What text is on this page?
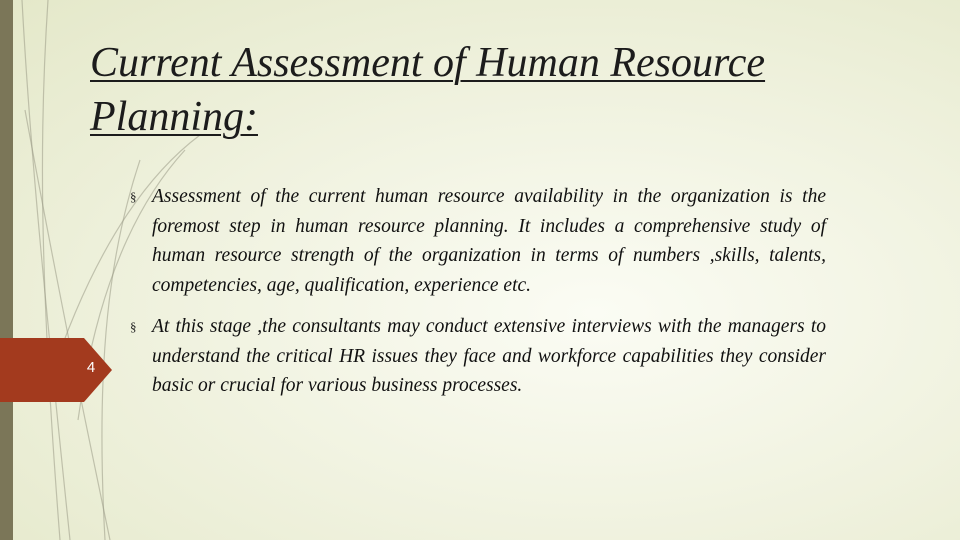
Current Assessment of Human Resource Planning:
4
§ Assessment of the current human resource availability in the organization is the foremost step in human resource planning. It includes a comprehensive study of human resource strength of the organization in terms of numbers ,skills, talents, competencies, age, qualification, experience etc.
§ At this stage ,the consultants may conduct extensive interviews with the managers to understand the critical HR issues they face and workforce capabilities they consider basic or crucial for various business processes.
